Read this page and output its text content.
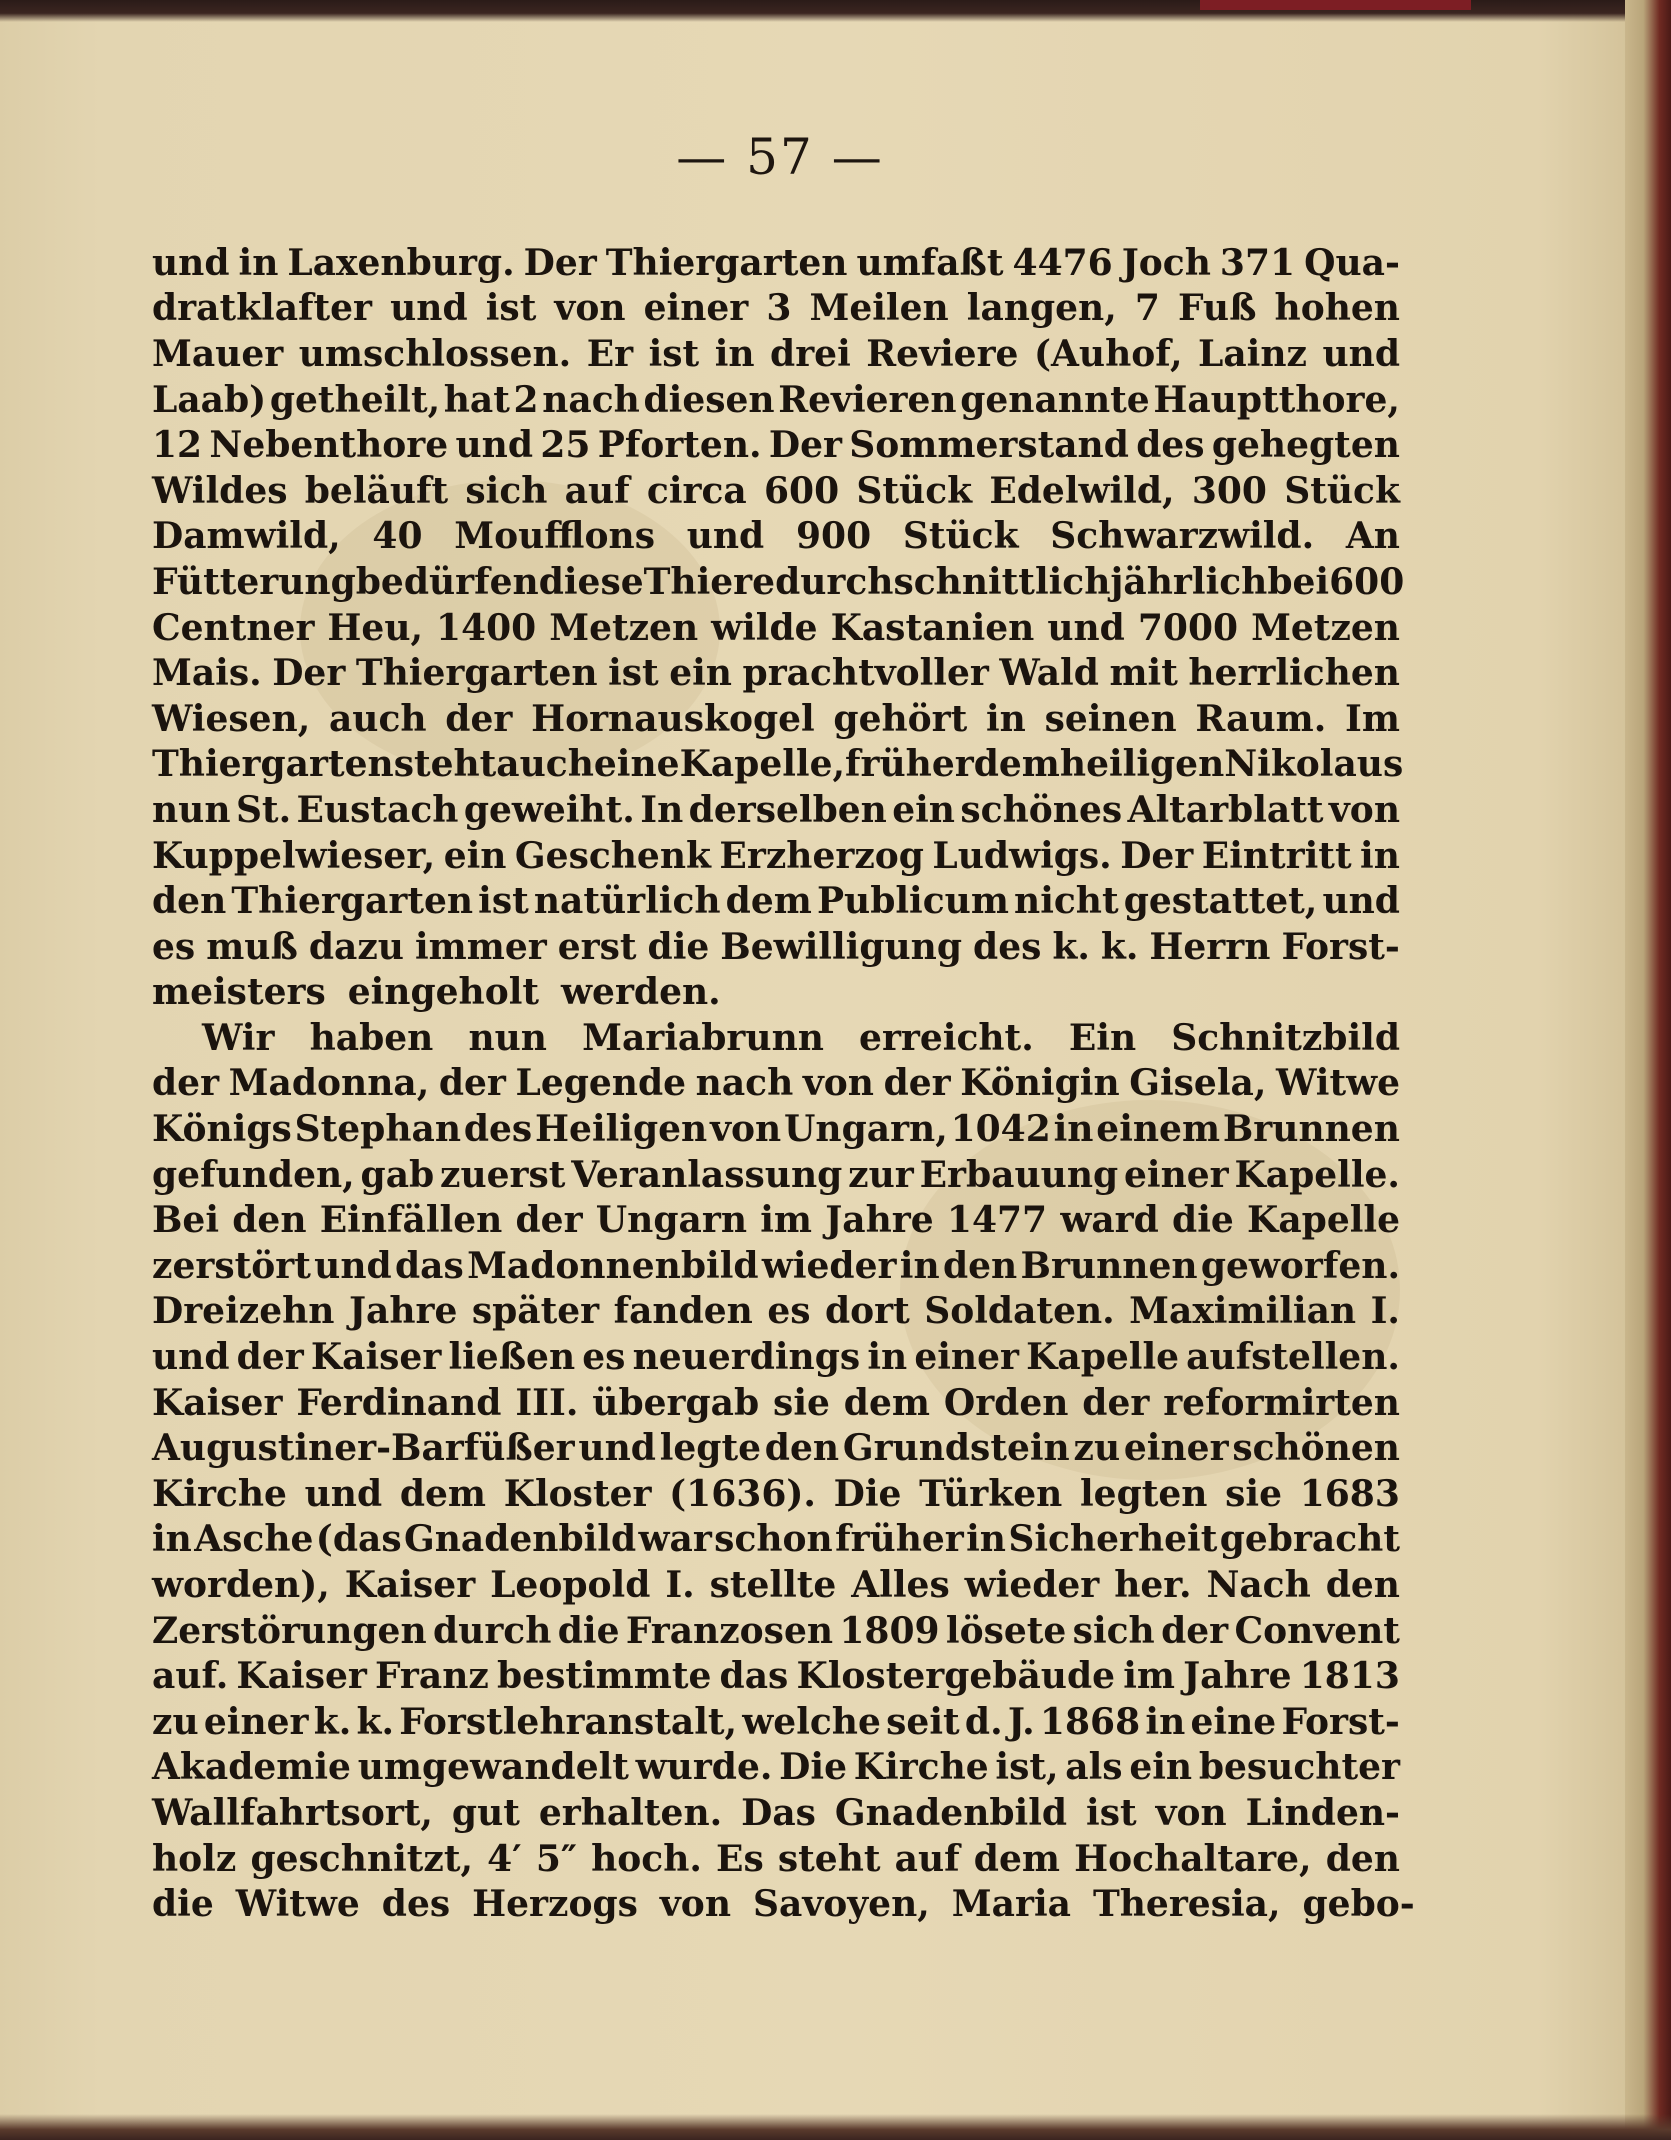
— 57 —
und in Laxenburg. Der Thiergarten umfaßt 4476 Joch 371 Qua-
dratklafter und ist von einer 3 Meilen langen, 7 Fuß hohen
Mauer umschlossen. Er ist in drei Reviere (Auhof, Lainz und
Laab) getheilt, hat 2 nach diesen Revieren genannte Hauptthore,
12 Nebenthore und 25 Pforten. Der Sommerstand des gehegten
Wildes beläuft sich auf circa 600 Stück Edelwild, 300 Stück
Damwild, 40 Moufflons und 900 Stück Schwarzwild. An
Fütterung bedürfen diese Thiere durchschnittlich jährlich bei 600
Centner Heu, 1400 Metzen wilde Kastanien und 7000 Metzen
Mais. Der Thiergarten ist ein prachtvoller Wald mit herrlichen
Wiesen, auch der Hornauskogel gehört in seinen Raum. Im
Thiergarten steht auch eine Kapelle, früher dem heiligen Nikolaus
nun St. Eustach geweiht. In derselben ein schönes Altarblatt von
Kuppelwieser, ein Geschenk Erzherzog Ludwigs. Der Eintritt in
den Thiergarten ist natürlich dem Publicum nicht gestattet, und
es muß dazu immer erst die Bewilligung des k. k. Herrn Forst-
meisters eingeholt werden.
Wir haben nun Mariabrunn erreicht. Ein Schnitzbild
der Madonna, der Legende nach von der Königin Gisela, Witwe
Königs Stephan des Heiligen von Ungarn, 1042 in einem Brunnen
gefunden, gab zuerst Veranlassung zur Erbauung einer Kapelle.
Bei den Einfällen der Ungarn im Jahre 1477 ward die Kapelle
zerstört und das Madonnenbild wieder in den Brunnen geworfen.
Dreizehn Jahre später fanden es dort Soldaten. Maximilian I.
und der Kaiser ließen es neuerdings in einer Kapelle aufstellen.
Kaiser Ferdinand III. übergab sie dem Orden der reformirten
Augustiner-Barfüßer und legte den Grundstein zu einer schönen
Kirche und dem Kloster (1636). Die Türken legten sie 1683
in Asche (das Gnadenbild war schon früher in Sicherheit gebracht
worden), Kaiser Leopold I. stellte Alles wieder her. Nach den
Zerstörungen durch die Franzosen 1809 lösete sich der Convent
auf. Kaiser Franz bestimmte das Klostergebäude im Jahre 1813
zu einer k. k. Forstlehranstalt, welche seit d. J. 1868 in eine Forst-
Akademie umgewandelt wurde. Die Kirche ist, als ein besuchter
Wallfahrtsort, gut erhalten. Das Gnadenbild ist von Linden-
holz geschnitzt, 4′ 5″ hoch. Es steht auf dem Hochaltare, den
die Witwe des Herzogs von Savoyen, Maria Theresia, gebo-
